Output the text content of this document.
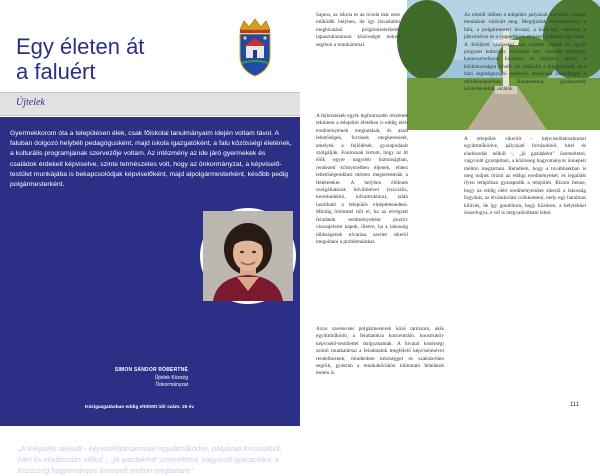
Egy életen át
a faluért
Újtelek

Gyermekkorom óta a településen élek, csak főiskolai tanulmányaim idején voltam távol. A faluban dolgozó helybéli pedagógusként, majd iskola igazgatóként, a falu közösségi életének, a kulturális programjainak szervezője voltam. Az intézmény az ide járó gyermekek és családok érdekeit képviselve, szinte természetes volt, hogy az önkormányzat, a képviselő-testület munkájába is bekapcsolódjak képviselőként, majd alpolgármesterként, később pedig polgármesterként.

SIMON SÁNDOR RÓBERTNÉ
Újtelek Község
Önkormányzat
Közigazgatásban eddig eltöltött idő szám: 25 év

„A település sikerült - képviselőtársaimmal együttműködve, pályázati forrásokból, hitel és eladósodás nélkül -, „jó gazdaként” üzemeltetni, vagyonát gyarapítani, a közösség hagyományos ünnepeit méltón megtartani.”

Sajnos, az iskola és az óvoda már nem működik helyben, de így társadalmi megbízatású polgármesterként, tapasztalataimon közösséget tudom segíteni a munkámmal.

A fejlesztések egyik legfontosabb részének tekintem a település életében is eddig elért eredményeinek megtartását, és azon lehetőségek, források megkeresését, amelyek a fejlődését, gyarapodását szolgálják. Fontosnak tartom, hogy az itt élők egyre nagyobb biztonságban, rendezett környezetben éljenek, ehhez lehetőségeinkhez mérten megteremtsük a feltételeket. A helyben élőknek szolgáltatások bővülésével (szociális, kereskedelmi, infrastruktúra), talán lassítható a település elnéptelenedése. Mindig örömmel tölt el, ha az elvégzett feladatok eredményeként pozitív visszajelzést kapok, illetve, ha a lakosság többségének elvárása szerint sikerül megoldani a problémáinkat.

Azon szerencsés polgármesterek közé tartozom, akik együttműködő, a feladatokra koncentráló, konstruktív képviselő-testülettel dolgozhatnak. A hivatal kistérségi szintű munkatársai a feladataink megfelelő képviselésével rendelkeznek, mindenben készséggel és szakszerűen segítik, gyakran a munkakörükön túlmutató feladatok esetén is.

Az elmúlt időben a település pályázati forrásból számos beruházás valósult meg. Megújultak középületeink: a falu, a polgármesteri hivatal, a könyvtár, valamint a játszóudvar és a csapadékvíz elvezető rendszer egy része. A felújított közösségi ház számos család és egyéb program kulturális helyszíne lett. Sikerült térfigyelő kamerarendszert kiépíteni és bővíteni, amely a közbiztonságot növeli. Jól működik a falugondnok, és a házi segítségnyújtó rendszer, amelynek családtagjai a mindennapokban. Rendezettek, gondozottak közterületeink, utcáink.

A település sikerült - képviselőtársaimmal együttműködve, pályázati forrásokból, hitel és eladósodás nélkül -, „jó gazdaként” üzemeltetni, vagyonát gyarapítani, a közösség hagyományos ünnepeit méltón megtartani. Remélem, hogy a továbbiakban is meg tudjuk őrizni az eddigi eredményeket, és legalább ilyen tempóban gyarapodik a település. Bízom benne, hogy az eddig elért eredményeinket sikerül a lakosság fogyását, az elvándorlást csökkenteni, mely egy hatalmas kihívás, de így gondolom, hogy közösen, a helyiekkel összefogva, e cél is megvalósítható lehet.

111
